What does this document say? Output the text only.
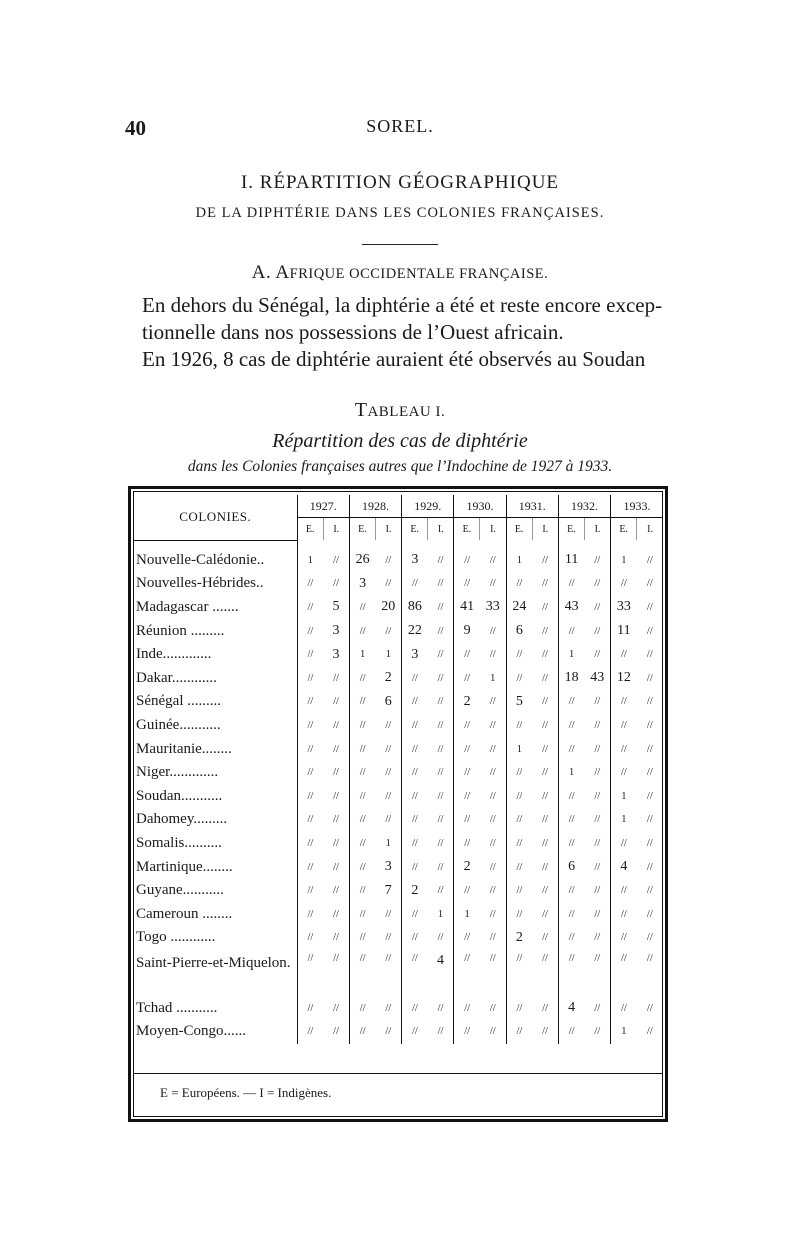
40	SOREL.
I. RÉPARTITION GÉOGRAPHIQUE
DE LA DIPHTÉRIE DANS LES COLONIES FRANÇAISES.
A. AFRIQUE OCCIDENTALE FRANÇAISE.
En dehors du Sénégal, la diphtérie a été et reste encore excep-
tionnelle dans nos possessions de l’Ouest africain.
En 1926, 8 cas de diphtérie auraient été observés au Soudan
TABLEAU I.
Répartition des cas de diphtérie
dans les Colonies françaises autres que l’Indochine de 1927 à 1933.
COLONIES.	1927.		1928.		1929.		1930.		1931.		1932.		1933.	
	E.	I.	E.	I.	E.	I.	E.	I.	E.	I.	E.	I.	E.	I.
Nouvelle-Calédonie..	1	//	26	//	3	//	//	//	1	//	11	//	1	//
Nouvelles-Hébrides..	//	//	3	//	//	//	//	//	//	//	//	//	//	//
Madagascar .......	//	5	//	20	86	//	41	33	24	//	43	//	33	//
Réunion .........	//	3	//	//	22	//	9	//	6	//	//	//	11	//
Inde.............	//	3	1	1	3	//	//	//	//	//	1	//	//	//
Dakar............	//	//	//	2	//	//	//	1	//	//	18	43	12	//
Sénégal .........	//	//	//	6	//	//	2	//	5	//	//	//	//	//
Guinée...........	//	//	//	//	//	//	//	//	//	//	//	//	//	//
Mauritanie........	//	//	//	//	//	//	//	//	1	//	//	//	//	//
Niger.............	//	//	//	//	//	//	//	//	//	//	1	//	//	//
Soudan...........	//	//	//	//	//	//	//	//	//	//	//	//	1	//
Dahomey.........	//	//	//	//	//	//	//	//	//	//	//	//	1	//
Somalis..........	//	//	//	1	//	//	//	//	//	//	//	//	//	//
Martinique........	//	//	//	3	//	//	2	//	//	//	6	//	4	//
Guyane...........	//	//	//	7	2	//	//	//	//	//	//	//	//	//
Cameroun ........	//	//	//	//	//	1	1	//	//	//	//	//	//	//
Togo ............	//	//	//	//	//	//	//	//	2	//	//	//	//	//
Saint-Pierre-et-Miquelon.	//	//	//	//	//	4	//	//	//	//	//	//	//	//
Tchad ...........	//	//	//	//	//	//	//	//	//	//	4	//	//	//
Moyen-Congo......	//	//	//	//	//	//	//	//	//	//	//	//	1	//
E = Européens. — I = Indigènes.
